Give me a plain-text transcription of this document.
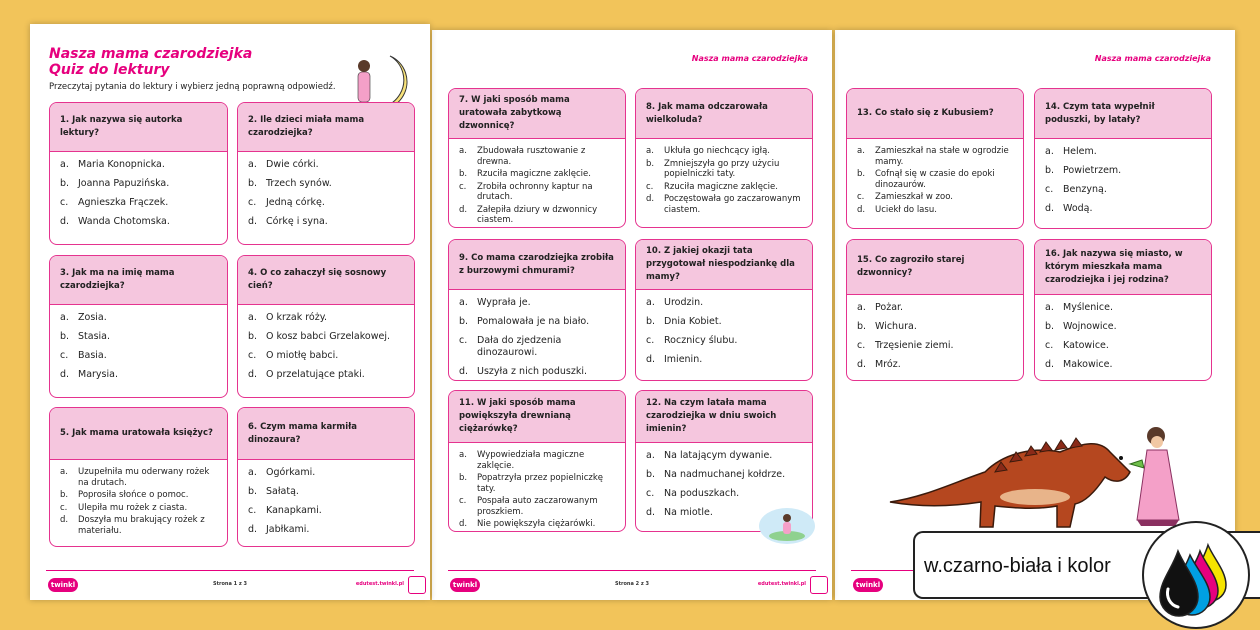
Nasza mama czarodziejka
Quiz do lektury
Przeczytaj pytania do lektury i wybierz jedną poprawną odpowiedź.
1. Jak nazywa się autorka lektury?
a. Maria Konopnicka.
b. Joanna Papuzińska.
c.	Agnieszka Frączek.
d. Wanda Chotomska.
2. Ile dzieci miała mama czarodziejka?
a. Dwie córki.
b. Trzech synów.
c.	Jedną córkę.
d. Córkę i syna.
3. Jak ma na imię mama czarodziejka?
a. Zosia.
b. Stasia.
c.	Basia.
d. Marysia.
4. O co zahaczył się sosnowy cień?
a. O krzak róży.
b. O kosz babci Grzelakowej.
c.	O miotłę babci.
d. O przelatujące ptaki.
5. Jak mama uratowała księżyc?
a.	Uzupełniła mu oderwany rożek na drutach.
b.	Poprosiła słońce o pomoc.
c.	Ulepiła mu rożek z ciasta.
d.	Doszyła mu brakujący rożek z materiału.
6. Czym mama karmiła dinozaura?
a. Ogórkami.
b. Sałatą.
c.	Kanapkami.
d. Jabłkami.
twinkl	Strona 1 z 3	edutest.twinkl.pl
Nasza mama czarodziejka
7. W jaki sposób mama uratowała zabytkową dzwonnicę?
a.	Zbudowała rusztowanie z drewna.
b.	Rzuciła magiczne zaklęcie.
c.	Zrobiła ochronny kaptur na drutach.
d.	Załepiła dziury w dzwonnicy ciastem.
8. Jak mama odczarowała wielkoluda?
a.	Ukłuła go niechcący igłą.
b.	Zmniejszyła go przy użyciu popielniczki taty.
c.	Rzuciła magiczne zaklęcie.
d.	Poczęstowała go zaczarowanym ciastem.
9. Co mama czarodziejka zrobiła z burzowymi chmurami?
a. Wyprała je.
b. Pomalowała je na biało.
c.	Dała do zjedzenia dinozaurowi.
d. Uszyła z nich poduszki.
10. Z jakiej okazji tata przygotował niespodziankę dla mamy?
a. Urodzin.
b. Dnia Kobiet.
c.	Rocznicy ślubu.
d. Imienin.
11. W jaki sposób mama powiększyła drewnianą ciężarówkę?
a.	Wypowiedziała magiczne zaklęcie.
b.	Popatrzyła przez popielniczkę taty.
c.	Pospała auto zaczarowanym proszkiem.
d.	Nie powiększyła ciężarówki.
12. Na czym latała mama czarodziejka w dniu swoich imienin?
a. Na latającym dywanie.
b. Na nadmuchanej kołdrze.
c.	Na poduszkach.
d. Na miotle.
twinkl	Strona 2 z 3	edutest.twinkl.pl
Nasza mama czarodziejka
13. Co stało się z Kubusiem?
a.	Zamieszkał na stałe w ogrodzie mamy.
b.	Cofnął się w czasie do epoki dinozaurów.
c.	Zamieszkał w zoo.
d.	Uciekł do lasu.
14. Czym tata wypełnił poduszki, by latały?
a. Helem.
b. Powietrzem.
c.	Benzyną.
d. Wodą.
15. Co zagroziło starej dzwonnicy?
a. Pożar.
b. Wichura.
c.	Trzęsienie ziemi.
d. Mróz.
16. Jak nazywa się miasto, w którym mieszkała mama czarodziejka i jej rodzina?
a. Myślenice.
b. Wojnowice.
c.	Katowice.
d. Makowice.
twinkl
w.czarno-biała i kolor
